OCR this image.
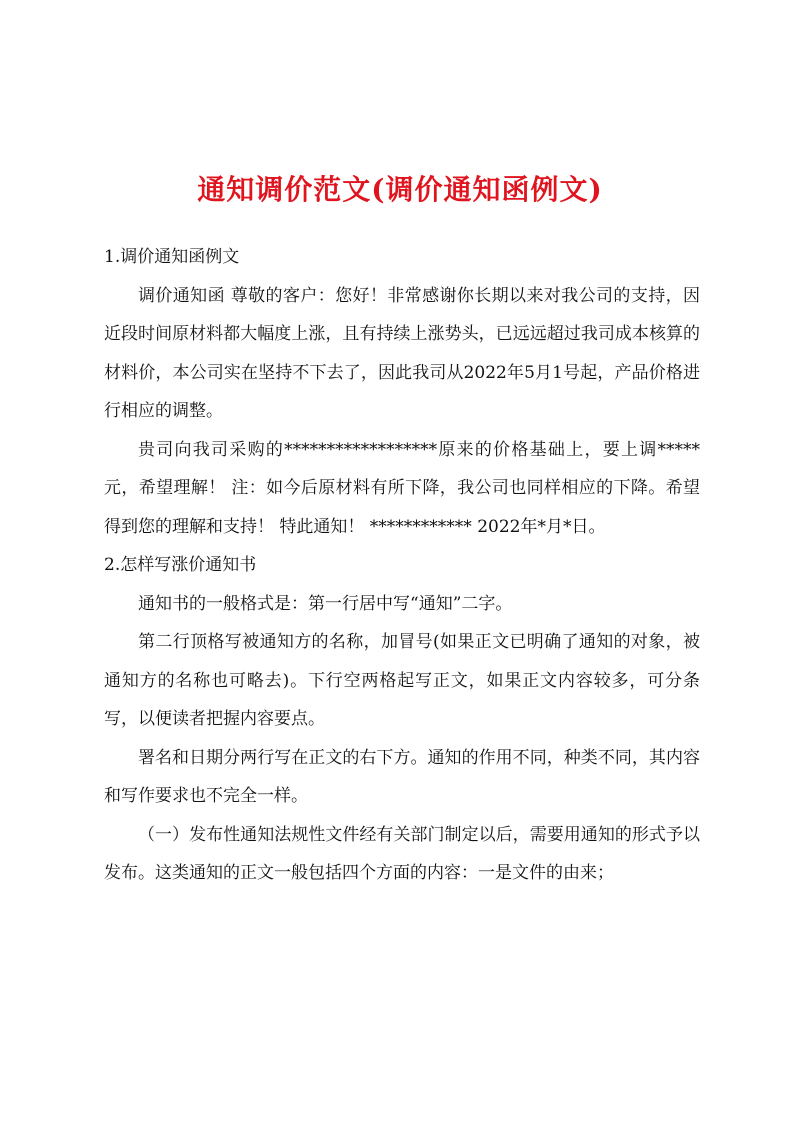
通知调价范文(调价通知函例文)

1.调价通知函例文

调价通知函 尊敬的客户：您好！非常感谢你长期以来对我公司的支持，因近段时间原材料都大幅度上涨，且有持续上涨势头，已远远超过我司成本核算的材料价，本公司实在坚持不下去了，因此我司从2022年5月1号起，产品价格进行相应的调整。

贵司向我司采购的******************原来的价格基础上，要上调*****元，希望理解！ 注：如今后原材料有所下降，我公司也同样相应的下降。希望得到您的理解和支持！ 特此通知！ ************ 2022年*月*日。

2.怎样写涨价通知书

通知书的一般格式是：第一行居中写“通知”二字。

第二行顶格写被通知方的名称，加冒号(如果正文已明确了通知的对象，被通知方的名称也可略去)。下行空两格起写正文，如果正文内容较多，可分条写，以便读者把握内容要点。

署名和日期分两行写在正文的右下方。通知的作用不同，种类不同，其内容和写作要求也不完全一样。

（一）发布性通知法规性文件经有关部门制定以后，需要用通知的形式予以发布。这类通知的正文一般包括四个方面的内容：一是文件的由来；
